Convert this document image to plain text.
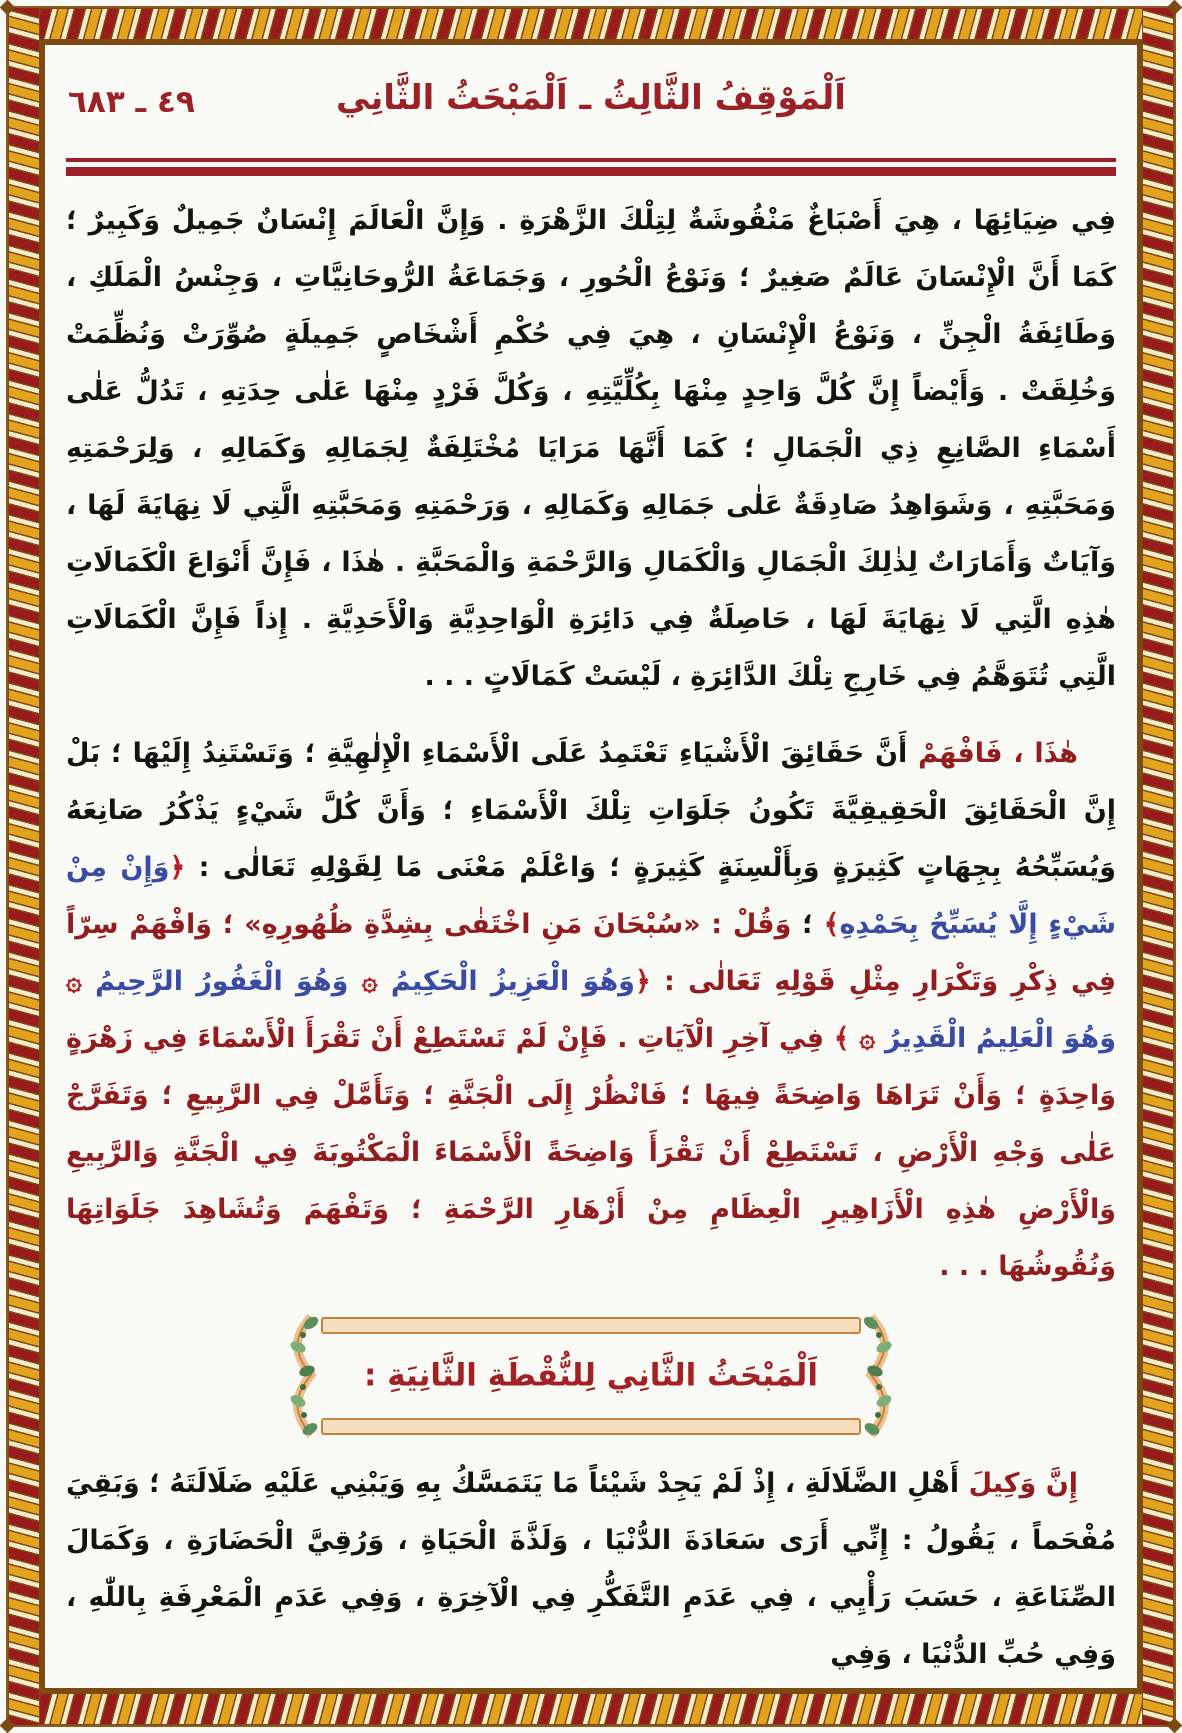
٤٩ ـ ٦٨٣	اَلْمَوْقِفُ الثَّالِثُ ـ اَلْمَبْحَثُ الثَّانِي

فِي ضِيَائِهَا ، هِيَ أَصْبَاغٌ مَنْقُوشَةٌ لِتِلْكَ الزَّهْرَةِ . وَإِنَّ الْعَالَمَ إِنْسَانٌ جَمِيلٌ وَكَبِيرٌ ؛ كَمَا أَنَّ الْإِنْسَانَ عَالَمٌ صَغِيرٌ ؛ وَنَوْعُ الْحُورِ ، وَجَمَاعَةُ الرُّوحَانِيَّاتِ ، وَجِنْسُ الْمَلَكِ ، وَطَائِفَةُ الْجِنِّ ، وَنَوْعُ الْإِنْسَانِ ، هِيَ فِي حُكْمِ أَشْخَاصٍ جَمِيلَةٍ صُوِّرَتْ وَنُظِّمَتْ وَخُلِقَتْ . وَأَيْضاً إِنَّ كُلَّ وَاحِدٍ مِنْهَا بِكُلِّيَّتِهِ ، وَكُلَّ فَرْدٍ مِنْهَا عَلٰى حِدَتِهِ ، تَدُلُّ عَلٰى أَسْمَاءِ الصَّانِعِ ذِي الْجَمَالِ ؛ كَمَا أَنَّهَا مَرَايَا مُخْتَلِفَةٌ لِجَمَالِهِ وَكَمَالِهِ ، وَلِرَحْمَتِهِ وَمَحَبَّتِهِ ، وَشَوَاهِدُ صَادِقَةٌ عَلٰى جَمَالِهِ وَكَمَالِهِ ، وَرَحْمَتِهِ وَمَحَبَّتِهِ الَّتِي لَا نِهَايَةَ لَهَا ، وَآيَاتٌ وَأَمَارَاتٌ لِذٰلِكَ الْجَمَالِ وَالْكَمَالِ وَالرَّحْمَةِ وَالْمَحَبَّةِ . هٰذَا ، فَإِنَّ أَنْوَاعَ الْكَمَالَاتِ هٰذِهِ الَّتِي لَا نِهَايَةَ لَهَا ، حَاصِلَةٌ فِي دَائِرَةِ الْوَاحِدِيَّةِ وَالْأَحَدِيَّةِ . إِذاً فَإِنَّ الْكَمَالَاتِ الَّتِي تُتَوَهَّمُ فِي خَارِجِ تِلْكَ الدَّائِرَةِ ، لَيْسَتْ كَمَالَاتٍ . . .

هٰذَا ، فَافْهَمْ أَنَّ حَقَائِقَ الْأَشْيَاءِ تَعْتَمِدُ عَلَى الْأَسْمَاءِ الْإِلٰهِيَّةِ ؛ وَتَسْتَنِدُ إِلَيْهَا ؛ بَلْ إِنَّ الْحَقَائِقَ الْحَقِيقِيَّةَ تَكُونُ جَلَوَاتِ تِلْكَ الْأَسْمَاءِ ؛ وَأَنَّ كُلَّ شَيْءٍ يَذْكُرُ صَانِعَهُ وَيُسَبِّحُهُ بِجِهَاتٍ كَثِيرَةٍ وَبِأَلْسِنَةٍ كَثِيرَةٍ ؛ وَاعْلَمْ مَعْنَى مَا لِقَوْلِهِ تَعَالٰى : ﴿وَإِنْ مِنْ شَيْءٍ إِلَّا يُسَبِّحُ بِحَمْدِهِ﴾ ؛ وَقُلْ : «سُبْحَانَ مَنِ اخْتَفٰى بِشِدَّةِ ظُهُورِهِ» ؛ وَافْهَمْ سِرّاً فِي ذِكْرِ وَتَكْرَارِ مِثْلِ قَوْلِهِ تَعَالٰى : ﴿وَهُوَ الْعَزِيزُ الْحَكِيمُ ۞ وَهُوَ الْغَفُورُ الرَّحِيمُ ۞ وَهُوَ الْعَلِيمُ الْقَدِيرُ ۞ ﴾ فِي آخِرِ الْآيَاتِ . فَإِنْ لَمْ تَسْتَطِعْ أَنْ تَقْرَأَ الْأَسْمَاءَ فِي زَهْرَةٍ وَاحِدَةٍ ؛ وَأَنْ تَرَاهَا وَاضِحَةً فِيهَا ؛ فَانْظُرْ إِلَى الْجَنَّةِ ؛ وَتَأَمَّلْ فِي الرَّبِيعِ ؛ وَتَفَرَّجْ عَلٰى وَجْهِ الْأَرْضِ ، تَسْتَطِعْ أَنْ تَقْرَأَ وَاضِحَةً الْأَسْمَاءَ الْمَكْتُوبَةَ فِي الْجَنَّةِ وَالرَّبِيعِ وَالْأَرْضِ هٰذِهِ الْأَزَاهِيرِ الْعِظَامِ مِنْ أَزْهَارِ الرَّحْمَةِ ؛ وَتَفْهَمَ وَتُشَاهِدَ جَلَوَاتِهَا وَنُقُوشُهَا . . .

اَلْمَبْحَثُ الثَّانِي لِلنُّقْطَةِ الثَّانِيَةِ :

إِنَّ وَكِيلَ أَهْلِ الضَّلَالَةِ ، إِذْ لَمْ يَجِدْ شَيْئاً مَا يَتَمَسَّكُ بِهِ وَيَبْنِي عَلَيْهِ ضَلَالَتَهُ ؛ وَبَقِيَ مُفْحَماً ، يَقُولُ : إِنِّي أَرَى سَعَادَةَ الدُّنْيَا ، وَلَذَّةَ الْحَيَاةِ ، وَرُقِيَّ الْحَضَارَةِ ، وَكَمَالَ الصِّنَاعَةِ ، حَسَبَ رَأْيِي ، فِي عَدَمِ التَّفَكُّرِ فِي الْآخِرَةِ ، وَفِي عَدَمِ الْمَعْرِفَةِ بِاللّٰهِ ، وَفِي حُبِّ الدُّنْيَا ، وَفِي
